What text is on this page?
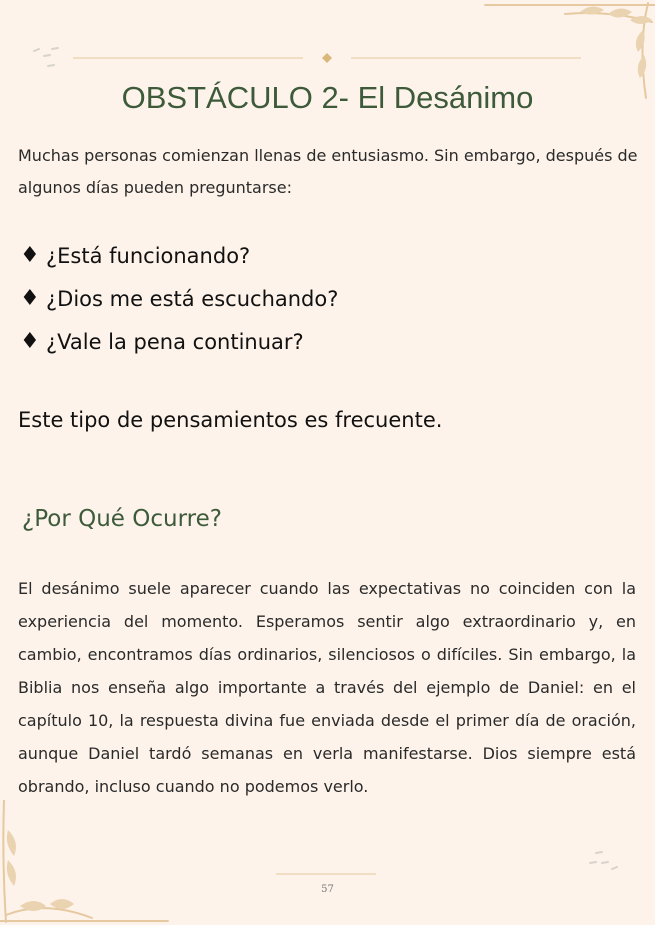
OBSTÁCULO 2- El Desánimo

Muchas personas comienzan llenas de entusiasmo. Sin embargo, después de algunos días pueden preguntarse:

♦ ¿Está funcionando?
♦ ¿Dios me está escuchando?
♦ ¿Vale la pena continuar?

Este tipo de pensamientos es frecuente.

¿Por Qué Ocurre?

El desánimo suele aparecer cuando las expectativas no coinciden con la experiencia del momento. Esperamos sentir algo extraordinario y, en cambio, encontramos días ordinarios, silenciosos o difíciles. Sin embargo, la Biblia nos enseña algo importante a través del ejemplo de Daniel: en el capítulo 10, la respuesta divina fue enviada desde el primer día de oración, aunque Daniel tardó semanas en verla manifestarse. Dios siempre está obrando, incluso cuando no podemos verlo.

57
